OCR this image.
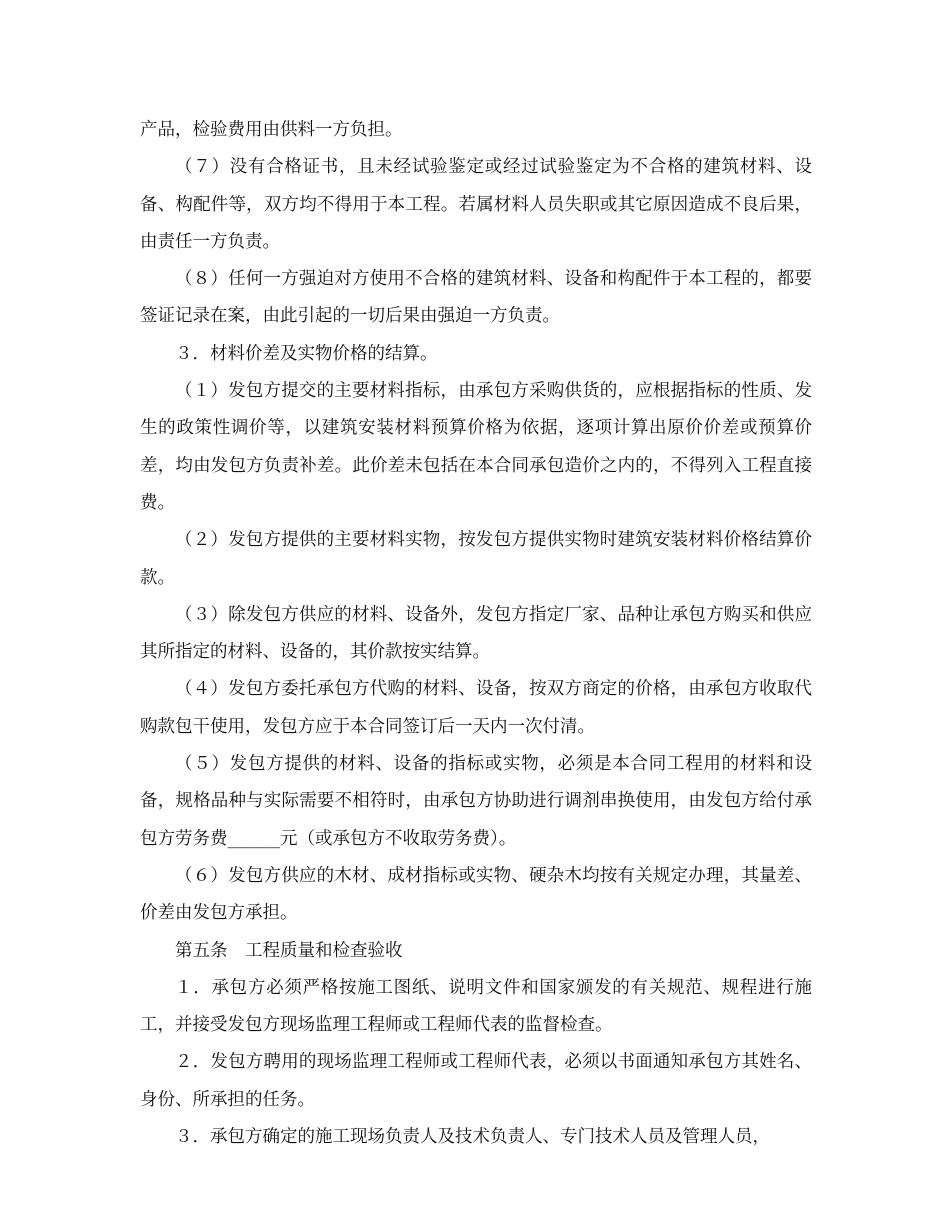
产品，检验费用由供料一方负担。

（７）没有合格证书，且未经试验鉴定或经过试验鉴定为不合格的建筑材料、设备、构配件等，双方均不得用于本工程。若属材料人员失职或其它原因造成不良后果，由责任一方负责。

（８）任何一方强迫对方使用不合格的建筑材料、设备和构配件于本工程的，都要签证记录在案，由此引起的一切后果由强迫一方负责。

３．材料价差及实物价格的结算。

（１）发包方提交的主要材料指标，由承包方采购供货的，应根据指标的性质、发生的政策性调价等，以建筑安装材料预算价格为依据，逐项计算出原价价差或预算价差，均由发包方负责补差。此价差未包括在本合同承包造价之内的，不得列入工程直接费。

（２）发包方提供的主要材料实物，按发包方提供实物时建筑安装材料价格结算价款。

（３）除发包方供应的材料、设备外，发包方指定厂家、品种让承包方购买和供应其所指定的材料、设备的，其价款按实结算。

（４）发包方委托承包方代购的材料、设备，按双方商定的价格，由承包方收取代购款包干使用，发包方应于本合同签订后一天内一次付清。

（５）发包方提供的材料、设备的指标或实物，必须是本合同工程用的材料和设备，规格品种与实际需要不相符时，由承包方协助进行调剂串换使用，由发包方给付承包方劳务费______元（或承包方不收取劳务费）。

（６）发包方供应的木材、成材指标或实物、硬杂木均按有关规定办理，其量差、价差由发包方承担。

第五条　工程质量和检查验收

１．承包方必须严格按施工图纸、说明文件和国家颁发的有关规范、规程进行施工，并接受发包方现场监理工程师或工程师代表的监督检查。

２．发包方聘用的现场监理工程师或工程师代表，必须以书面通知承包方其姓名、身份、所承担的任务。

３．承包方确定的施工现场负责人及技术负责人、专门技术人员及管理人员，
